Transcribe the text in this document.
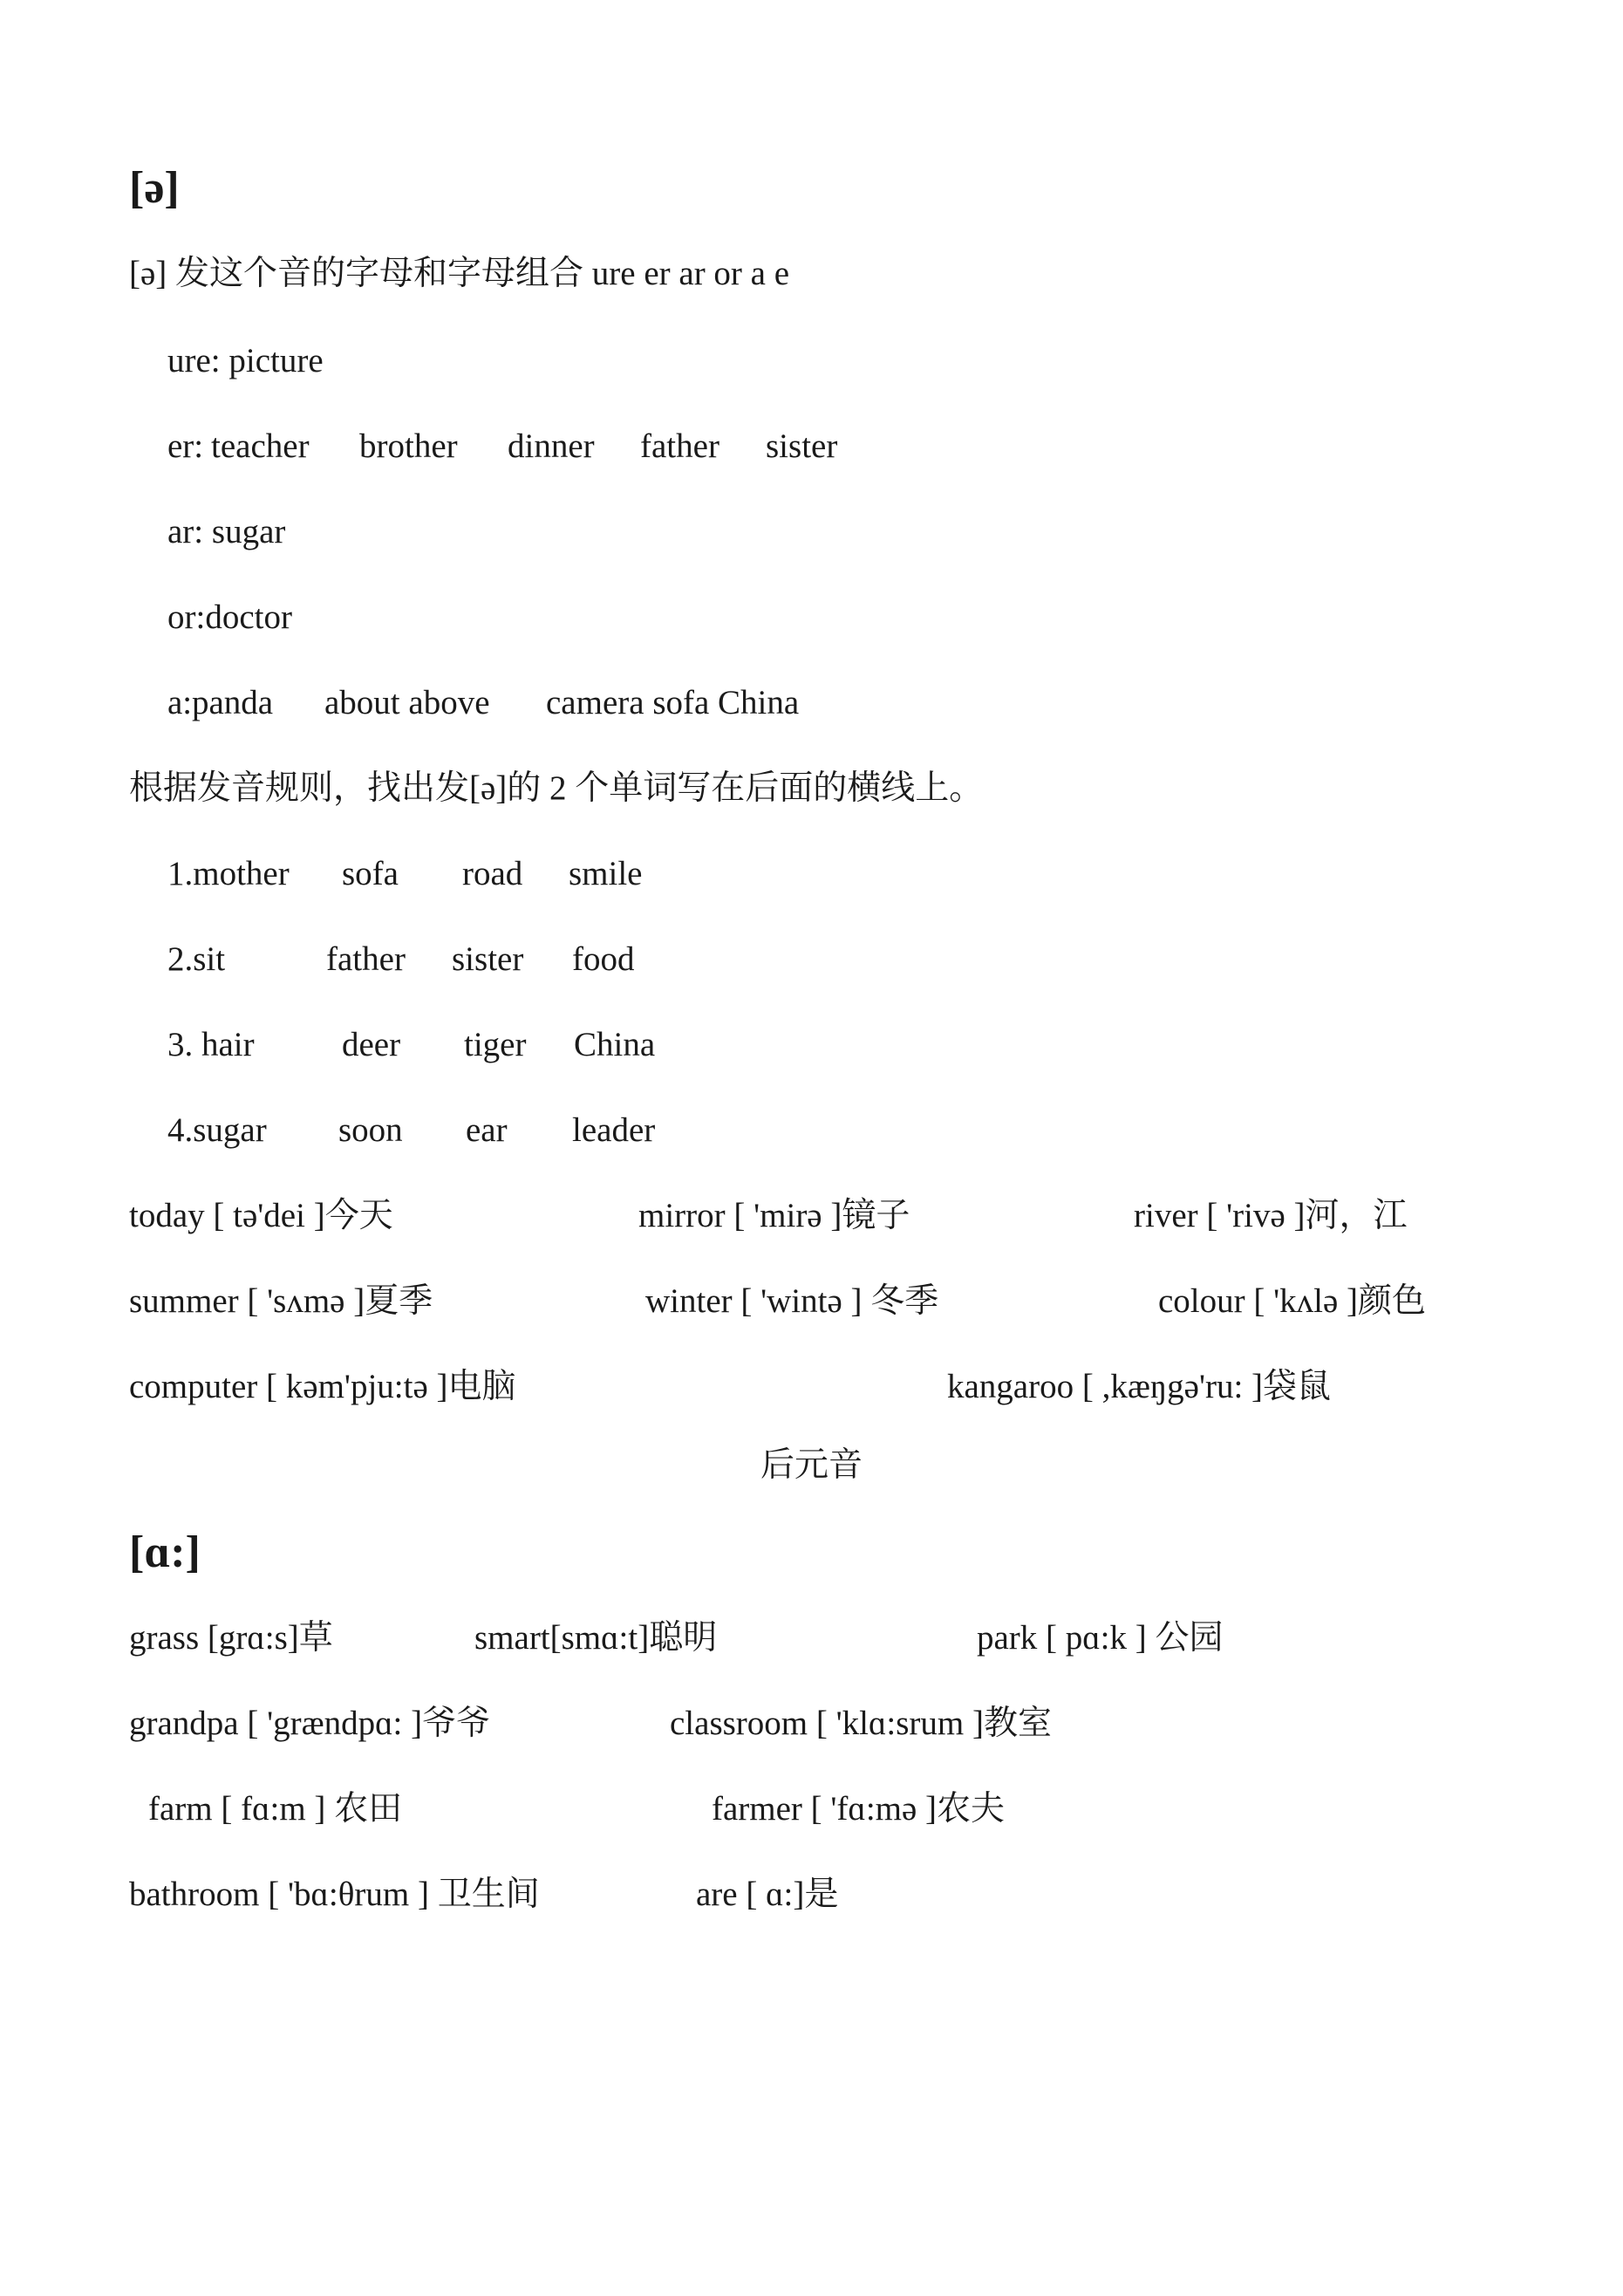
[ə]
[ə] 发这个音的字母和字母组合 ure er ar or a e
ure: picture
er: teacher brother dinner father sister
ar: sugar
or:doctor
a: panda about above camera sofa China
根据发音规则，找出发[ə]的 2 个单词写在后面的横线上。
1.mother sofa road smile
2.sit	father sister food
3. hair	deer tiger China
4.sugar soon ear leader
today [ tə'dei ]今天	mirror [ 'mirə ]镜子	river [ 'rivə ]河，江
summer [ 'sʌmə ]夏季	winter [ 'wintə ] 冬季	colour [ 'kʌlə ]颜色
computer [ kəm'pju:tə ]电脑	kangaroo [ ,kæŋgə'ru: ]袋鼠
后元音
[ɑ:]
grass [grɑ:s]草	smart[smɑ:t]聪明	park [ pɑ:k ] 公园
grandpa [ 'grændpɑ: ]爷爷	classroom [ 'klɑ:srum ]教室
farm [ fɑ:m ] 农田	farmer [ 'fɑ:mə ]农夫
bathroom [ 'bɑ:θrum ] 卫生间	are [ ɑ:]是
